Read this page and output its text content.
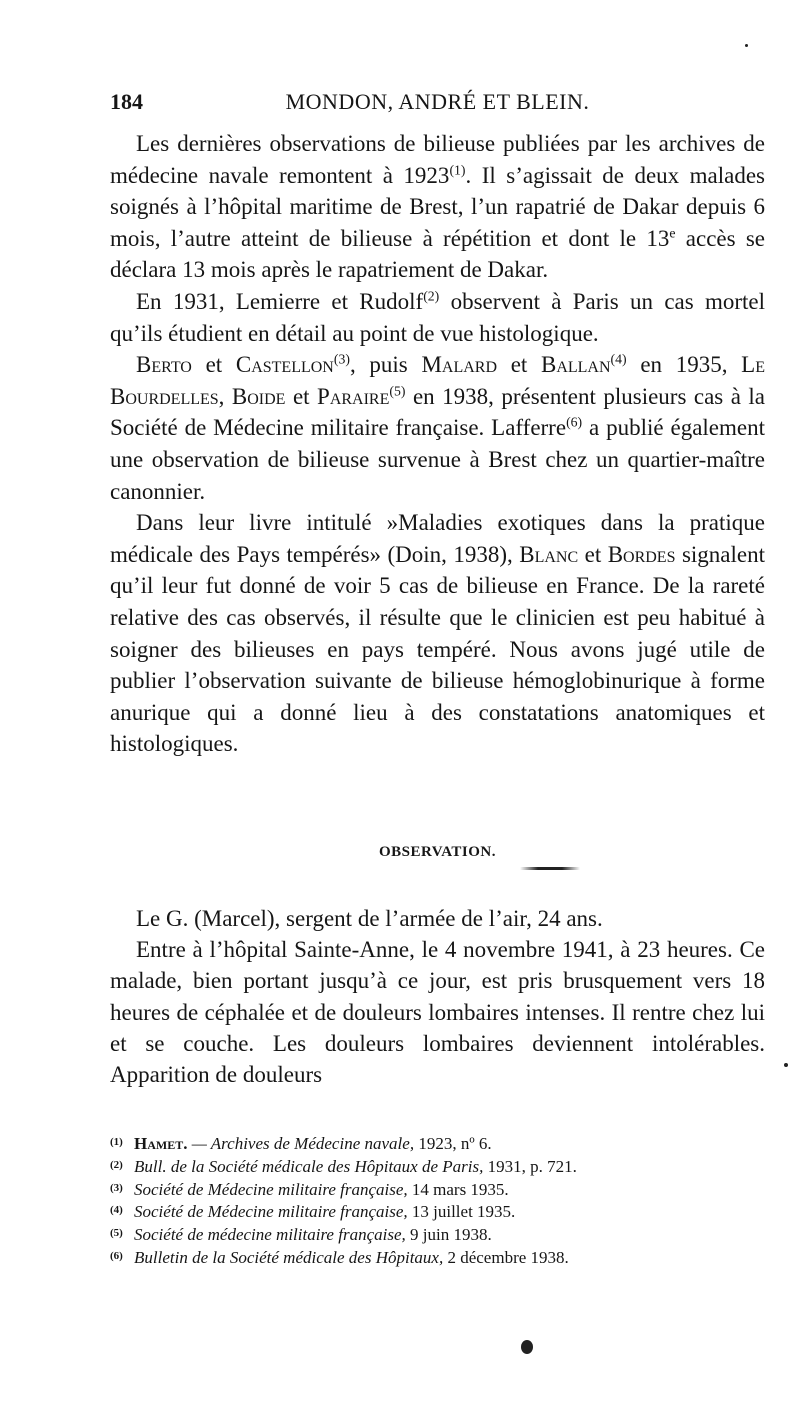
184	MONDON, ANDRÉ ET BLEIN.

Les dernières observations de bilieuse publiées par les archives de médecine navale remontent à 1923$^{(1)}$. Il s’agissait de deux malades soignés à l’hôpital maritime de Brest, l’un rapatrié de Dakar depuis 6 mois, l’autre atteint de bilieuse à répétition et dont le 13e accès se déclara 13 mois après le rapatriement de Dakar.

En 1931, Lemierre et Rudolf$^{(2)}$ observent à Paris un cas mortel qu’ils étudient en détail au point de vue histologique.

Berto et Castellon$^{(3)}$, puis Malard et Ballan$^{(4)}$ en 1935, Le Bourdelles, Boide et Paraire$^{(5)}$ en 1938, présentent plusieurs cas à la Société de Médecine militaire française. Lafferre$^{(6)}$ a publié également une observation de bilieuse survenue à Brest chez un quartier-maître canonnier.

Dans leur livre intitulé »Maladies exotiques dans la pratique médicale des Pays tempérés» (Doin, 1938), Blanc et Bordes signalent qu’il leur fut donné de voir 5 cas de bilieuse en France. De la rareté relative des cas observés, il résulte que le clinicien est peu habitué à soigner des bilieuses en pays tempéré. Nous avons jugé utile de publier l’observation suivante de bilieuse hémoglobinurique à forme anurique qui a donné lieu à des constatations anatomiques et histologiques.

OBSERVATION.

Le G. (Marcel), sergent de l’armée de l’air, 24 ans.

Entre à l’hôpital Sainte-Anne, le 4 novembre 1941, à 23 heures. Ce malade, bien portant jusqu’à ce jour, est pris brusquement vers 18 heures de céphalée et de douleurs lombaires intenses. Il rentre chez lui et se couche. Les douleurs lombaires deviennent intolérables. Apparition de douleurs

(1) Hamet. — Archives de Médecine navale, 1923, nº 6.

(2) Bull. de la Société médicale des Hôpitaux de Paris, 1931, p. 721.

(3) Société de Médecine militaire française, 14 mars 1935.

(4) Société de Médecine militaire française, 13 juillet 1935.

(5) Société de médecine militaire française, 9 juin 1938.

(6) Bulletin de la Société médicale des Hôpitaux, 2 décembre 1938.
